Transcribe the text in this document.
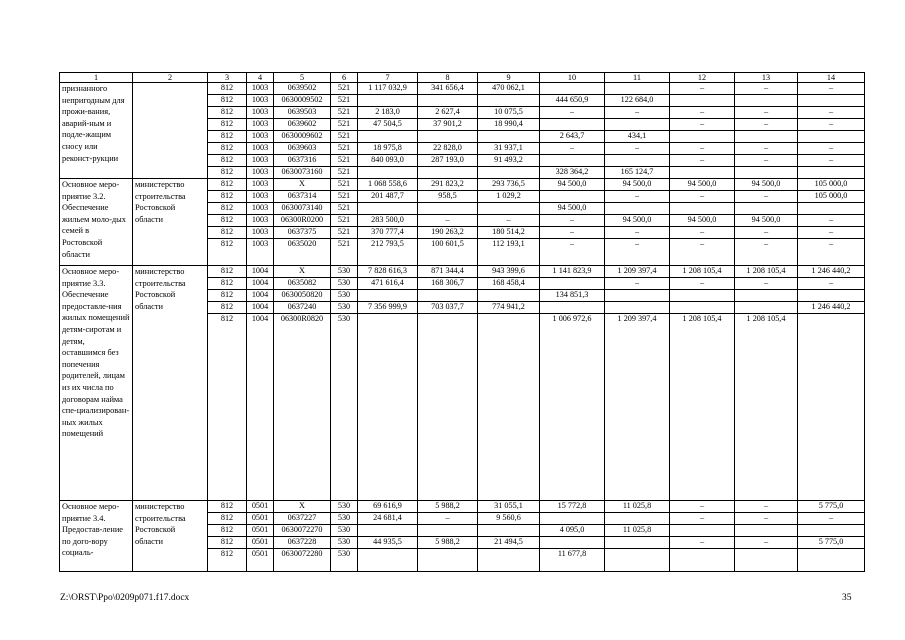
1	2	3	4	5	6	7	8	9	10	11	12	13	14
признанного непригодным для прожи-вания, аварий-ным и подле-жащим сносу или реконст-рукции		812	1003	0639502	521	1 117 032,9	341 656,4	470 062,1			–	–	–
		812	1003	0630009502	521				444 650,9	122 684,0			
		812	1003	0639503	521	2 183,0	2 627,4	10 075,5	–	–	–	–	–
		812	1003	0639602	521	47 504,5	37 901,2	18 990,4			–	–	–
		812	1003	0630009602	521				2 643,7	434,1			
		812	1003	0639603	521	18 975,8	22 828,0	31 937,1	–	–	–	–	–
		812	1003	0637316	521	840 093,0	287 193,0	91 493,2			–	–	–
		812	1003	0630073160	521				328 364,2	165 124,7			
Основное меро-приятие 3.2. Обеспечение жильем моло-дых семей в Ростовской области	министерство строительства Ростовской области	812	1003	Х	521	1 068 558,6	291 823,2	293 736,5	94 500,0	94 500,0	94 500,0	94 500,0	105 000,0
		812	1003	0637314	521	201 487,7	958,5	1 029,2		–	–	–	105 000,0
		812	1003	0630073140	521				94 500,0				
		812	1003	06300R0200	521	283 500,0	–	–	–	94 500,0	94 500,0	94 500,0	–
		812	1003	0637375	521	370 777,4	190 263,2	180 514,2	–	–	–	–	–
		812	1003	0635020	521	212 793,5	100 601,5	112 193,1	–	–	–	–	–
Основное меро-приятие 3.3. Обеспечение предоставле-ния жилых помещений детям-сиротам и детям, оставшимся без попечения родителей, лицам из их числа по договорам найма спе-циализирован-ных жилых помещений	министерство строительства Ростовской области	812	1004	Х	530	7 828 616,3	871 344,4	943 399,6	1 141 823,9	1 209 397,4	1 208 105,4	1 208 105,4	1 246 440,2
		812	1004	0635082	530	471 616,4	168 306,7	168 458,4		–	–	–	–
		812	1004	0630050820	530				134 851,3				
		812	1004	0637240	530	7 356 999,9	703 037,7	774 941,2					1 246 440,2
		812	1004	06300R0820	530				1 006 972,6	1 209 397,4	1 208 105,4	1 208 105,4	
Основное меро-приятие 3.4. Предостав-ление по дого-вору социаль-	министерство строительства Ростовской области	812	0501	Х	530	69 616,9	5 988,2	31 055,1	15 772,8	11 025,8	–	–	5 775,0
		812	0501	0637227	530	24 681,4	–	9 560,6			–	–	–
		812	0501	0630072270	530				4 095,0	11 025,8			
		812	0501	0637228	530	44 935,5	5 988,2	21 494,5			–	–	5 775,0
		812	0501	0630072280	530				11 677,8				
Z:\ORST\Ppo\0209p071.f17.docx	35
